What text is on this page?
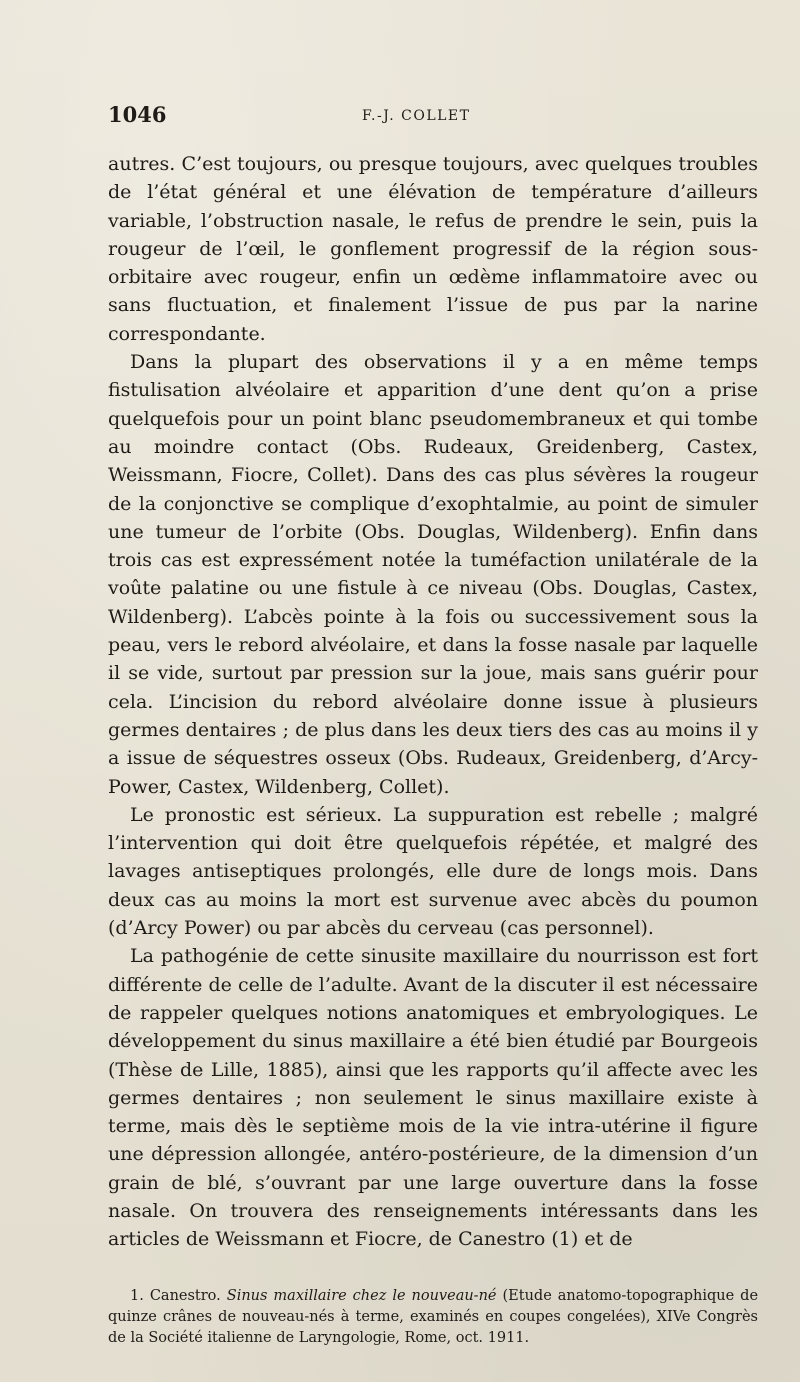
1046	F.-J. COLLET

autres. C’est toujours, ou presque toujours, avec quelques troubles de l’état général et une élévation de température d’ailleurs variable, l’obstruction nasale, le refus de prendre le sein, puis la rougeur de l’œil, le gonflement progressif de la région sous-orbitaire avec rougeur, enfin un œdème inflammatoire avec ou sans fluctuation, et finalement l’issue de pus par la narine correspondante.

Dans la plupart des observations il y a en même temps fistulisation alvéolaire et apparition d’une dent qu’on a prise quelquefois pour un point blanc pseudomembraneux et qui tombe au moindre contact (Obs. Rudeaux, Greidenberg, Castex, Weissmann, Fiocre, Collet). Dans des cas plus sévères la rougeur de la conjonctive se complique d’exophtalmie, au point de simuler une tumeur de l’orbite (Obs. Douglas, Wildenberg). Enfin dans trois cas est expressément notée la tuméfaction unilatérale de la voûte palatine ou une fistule à ce niveau (Obs. Douglas, Castex, Wildenberg). L’abcès pointe à la fois ou successivement sous la peau, vers le rebord alvéolaire, et dans la fosse nasale par laquelle il se vide, surtout par pression sur la joue, mais sans guérir pour cela. L’incision du rebord alvéolaire donne issue à plusieurs germes dentaires ; de plus dans les deux tiers des cas au moins il y a issue de séquestres osseux (Obs. Rudeaux, Greidenberg, d’Arcy-Power, Castex, Wildenberg, Collet).

Le pronostic est sérieux. La suppuration est rebelle ; malgré l’intervention qui doit être quelquefois répétée, et malgré des lavages antiseptiques prolongés, elle dure de longs mois. Dans deux cas au moins la mort est survenue avec abcès du poumon (d’Arcy Power) ou par abcès du cerveau (cas personnel).

La pathogénie de cette sinusite maxillaire du nourrisson est fort différente de celle de l’adulte. Avant de la discuter il est nécessaire de rappeler quelques notions anatomiques et embryologiques. Le développement du sinus maxillaire a été bien étudié par Bourgeois (Thèse de Lille, 1885), ainsi que les rapports qu’il affecte avec les germes dentaires ; non seulement le sinus maxillaire existe à terme, mais dès le septième mois de la vie intra-utérine il figure une dépression allongée, antéro-postérieure, de la dimension d’un grain de blé, s’ouvrant par une large ouverture dans la fosse nasale. On trouvera des renseignements intéressants dans les articles de Weissmann et Fiocre, de Canestro (1) et de

1. Canestro. Sinus maxillaire chez le nouveau-né (Etude anatomo-topographique de quinze crânes de nouveau-nés à terme, examinés en coupes congelées), XIVe Congrès de la Société italienne de Laryngologie, Rome, oct. 1911.
